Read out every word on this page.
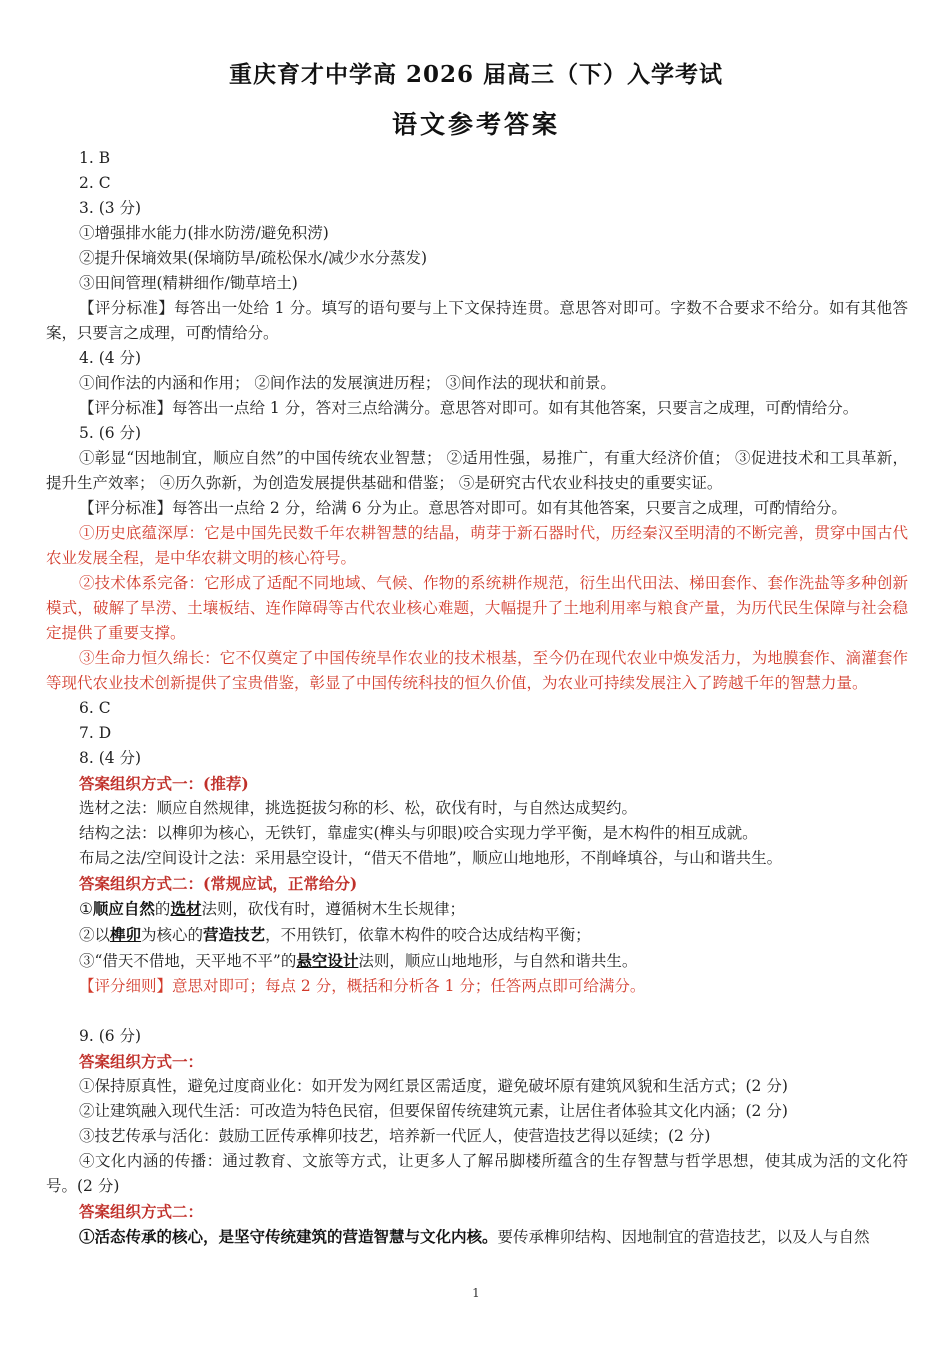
重庆育才中学高 2026 届高三（下）入学考试
语文参考答案

1. B

2. C

3. (3 分)

①增强排水能力(排水防涝/避免积涝)

②提升保墒效果(保墒防旱/疏松保水/减少水分蒸发)

③田间管理(精耕细作/锄草培土)

【评分标准】每答出一处给 1 分。填写的语句要与上下文保持连贯。意思答对即可。字数不合要求不给分。如有其他答案，只要言之成理，可酌情给分。

4. (4 分)

①间作法的内涵和作用； ②间作法的发展演进历程； ③间作法的现状和前景。

【评分标准】每答出一点给 1 分，答对三点给满分。意思答对即可。如有其他答案，只要言之成理，可酌情给分。

5. (6 分)

①彰显“因地制宜，顺应自然”的中国传统农业智慧； ②适用性强，易推广，有重大经济价值； ③促进技术和工具革新，提升生产效率； ④历久弥新，为创造发展提供基础和借鉴； ⑤是研究古代农业科技史的重要实证。

【评分标准】每答出一点给 2 分，给满 6 分为止。意思答对即可。如有其他答案，只要言之成理，可酌情给分。

①历史底蕴深厚：它是中国先民数千年农耕智慧的结晶，萌芽于新石器时代，历经秦汉至明清的不断完善，贯穿中国古代农业发展全程，是中华农耕文明的核心符号。

②技术体系完备：它形成了适配不同地域、气候、作物的系统耕作规范，衍生出代田法、梯田套作、套作洗盐等多种创新模式，破解了旱涝、土壤板结、连作障碍等古代农业核心难题，大幅提升了土地利用率与粮食产量，为历代民生保障与社会稳定提供了重要支撑。

③生命力恒久绵长：它不仅奠定了中国传统旱作农业的技术根基，至今仍在现代农业中焕发活力，为地膜套作、滴灌套作等现代农业技术创新提供了宝贵借鉴，彰显了中国传统科技的恒久价值，为农业可持续发展注入了跨越千年的智慧力量。

6. C

7. D

8. (4 分)

答案组织方式一：(推荐)

选材之法：顺应自然规律，挑选挺拔匀称的杉、松，砍伐有时，与自然达成契约。

结构之法：以榫卯为核心，无铁钉，靠虚实(榫头与卯眼)咬合实现力学平衡，是木构件的相互成就。

布局之法/空间设计之法：采用悬空设计，“借天不借地”，顺应山地地形，不削峰填谷，与山和谐共生。

答案组织方式二：(常规应试，正常给分)

①顺应自然的选材法则，砍伐有时，遵循树木生长规律；

②以榫卯为核心的营造技艺，不用铁钉，依靠木构件的咬合达成结构平衡；

③“借天不借地，天平地不平”的悬空设计法则，顺应山地地形，与自然和谐共生。

【评分细则】意思对即可；每点 2 分，概括和分析各 1 分；任答两点即可给满分。

9. (6 分)

答案组织方式一：

①保持原真性，避免过度商业化：如开发为网红景区需适度，避免破坏原有建筑风貌和生活方式；(2 分)

②让建筑融入现代生活：可改造为特色民宿，但要保留传统建筑元素，让居住者体验其文化内涵；(2 分)

③技艺传承与活化：鼓励工匠传承榫卯技艺，培养新一代匠人，使营造技艺得以延续；(2 分)

④文化内涵的传播：通过教育、文旅等方式，让更多人了解吊脚楼所蕴含的生存智慧与哲学思想，使其成为活的文化符号。(2 分)

答案组织方式二：

①活态传承的核心，是坚守传统建筑的营造智慧与文化内核。要传承榫卯结构、因地制宜的营造技艺，以及人与自然

1
